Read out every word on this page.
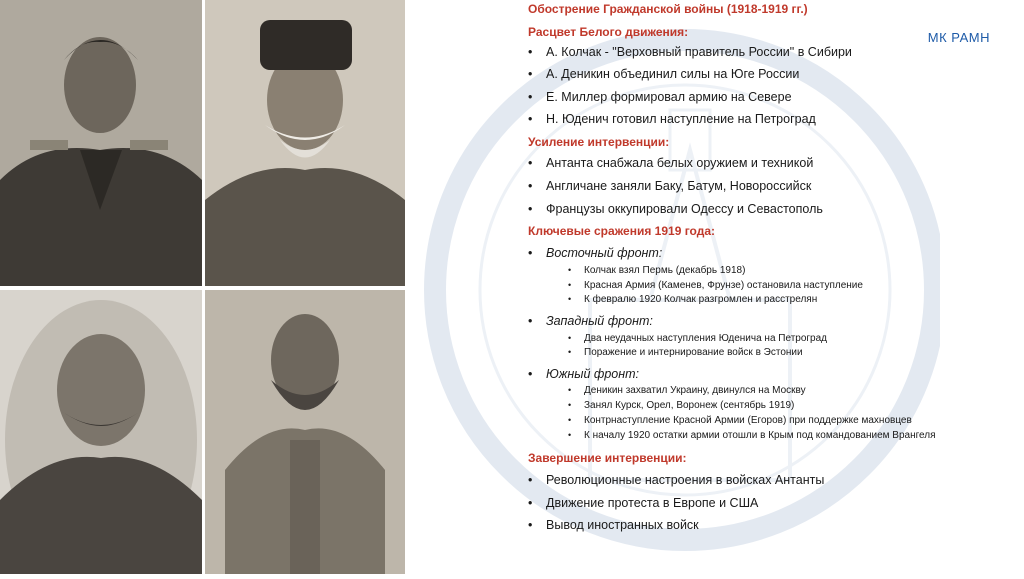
МК РАМН
Обострение Гражданской войны (1918-1919 гг.)
Расцвет Белого движения:
А. Колчак - "Верховный правитель России" в Сибири
А. Деникин объединил силы на Юге России
Е. Миллер формировал армию на Севере
Н. Юденич готовил наступление на Петроград
Усиление интервенции:
Антанта снабжала белых оружием и техникой
Англичане заняли Баку, Батум, Новороссийск
Французы оккупировали Одессу и Севастополь
Ключевые сражения 1919 года:
Восточный фронт:
Колчак взял Пермь (декабрь 1918)
Красная Армия (Каменев, Фрунзе) остановила наступление
К февралю 1920 Колчак разгромлен и расстрелян
Западный фронт:
Два неудачных наступления Юденича на Петроград
Поражение и интернирование войск в Эстонии
Южный фронт:
Деникин захватил Украину, двинулся на Москву
Занял Курск, Орел, Воронеж (сентябрь 1919)
Контрнаступление Красной Армии (Егоров) при поддержке махновцев
К началу 1920 остатки армии отошли в Крым под командованием Врангеля
Завершение интервенции:
Революционные настроения в войсках Антанты
Движение протеста в Европе и США
Вывод иностранных войск
